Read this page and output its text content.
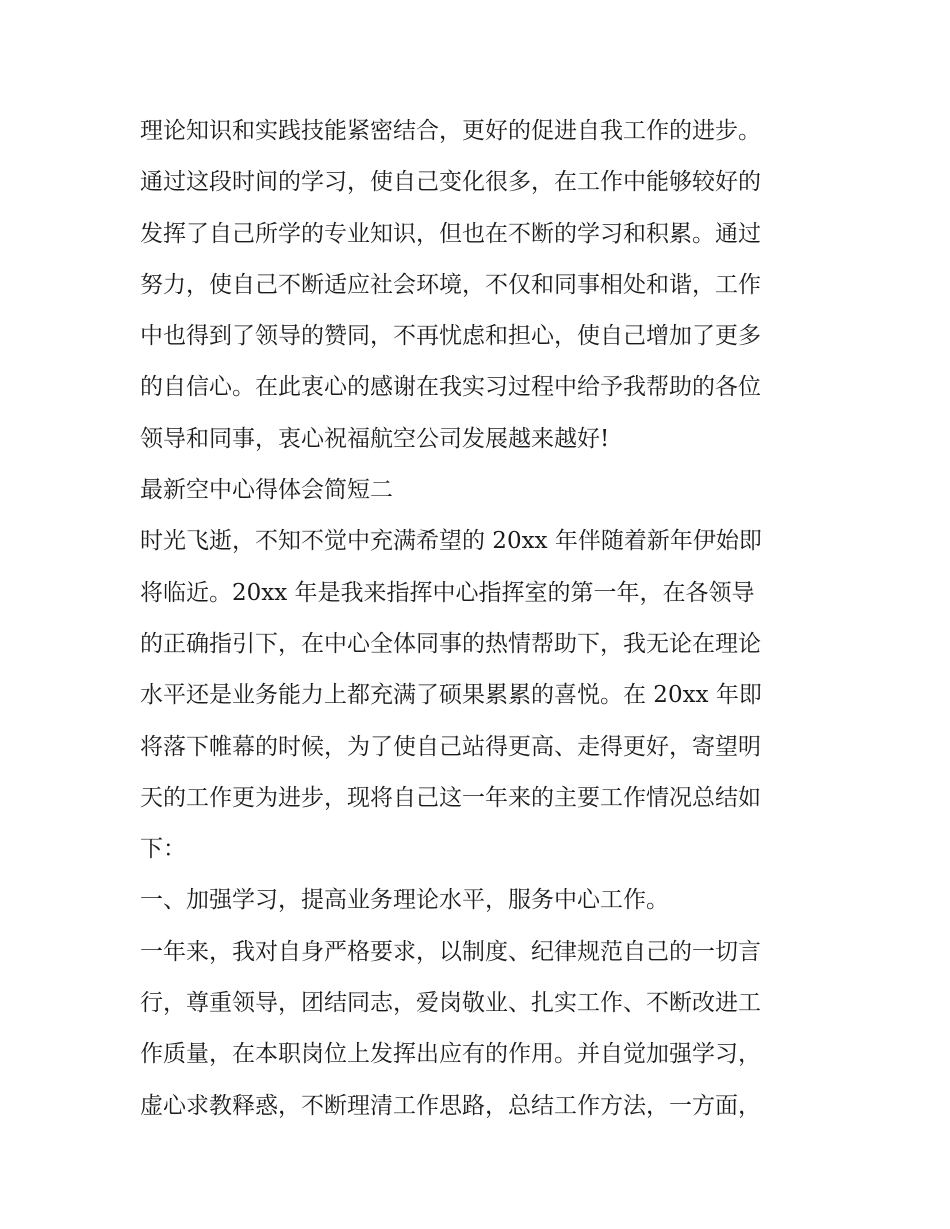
理论知识和实践技能紧密结合，更好的促进自我工作的进步。
通过这段时间的学习，使自己变化很多，在工作中能够较好的
发挥了自己所学的专业知识，但也在不断的学习和积累。通过
努力，使自己不断适应社会环境，不仅和同事相处和谐，工作
中也得到了领导的赞同，不再忧虑和担心，使自己增加了更多
的自信心。在此衷心的感谢在我实习过程中给予我帮助的各位
领导和同事，衷心祝福航空公司发展越来越好!
最新空中心得体会简短二
时光飞逝，不知不觉中充满希望的 20xx 年伴随着新年伊始即
将临近。20xx 年是我来指挥中心指挥室的第一年，在各领导
的正确指引下，在中心全体同事的热情帮助下，我无论在理论
水平还是业务能力上都充满了硕果累累的喜悦。在 20xx 年即
将落下帷幕的时候，为了使自己站得更高、走得更好，寄望明
天的工作更为进步，现将自己这一年来的主要工作情况总结如
下：
一、加强学习，提高业务理论水平，服务中心工作。
一年来，我对自身严格要求，以制度、纪律规范自己的一切言
行，尊重领导，团结同志，爱岗敬业、扎实工作、不断改进工
作质量，在本职岗位上发挥出应有的作用。并自觉加强学习，
虚心求教释惑，不断理清工作思路，总结工作方法，一方面，
